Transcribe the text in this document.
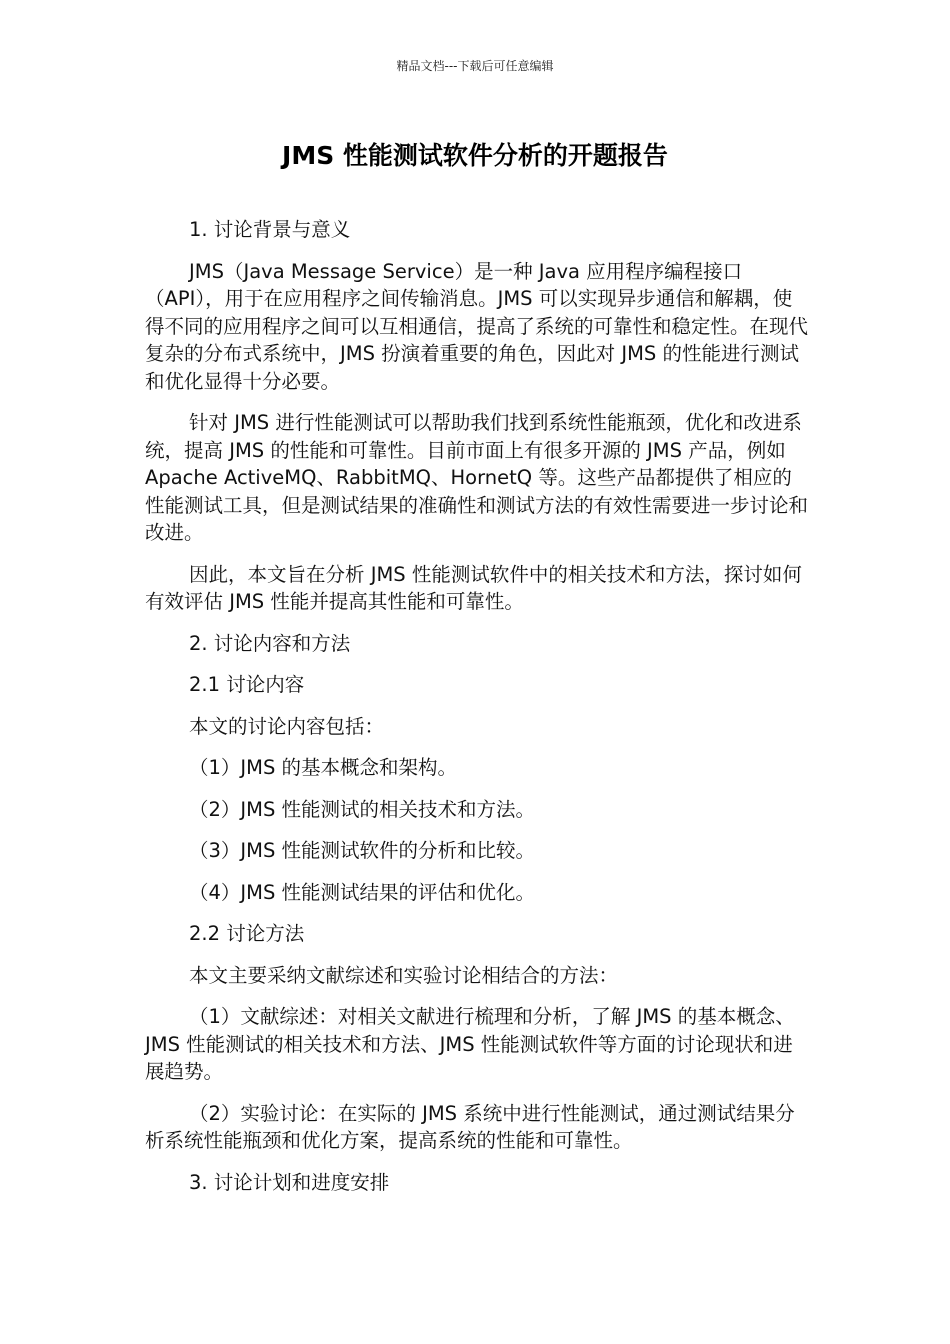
精品文档---下载后可任意编辑
JMS 性能测试软件分析的开题报告

1. 讨论背景与意义

JMS（Java Message Service）是一种 Java 应用程序编程接口（API），用于在应用程序之间传输消息。JMS 可以实现异步通信和解耦，使得不同的应用程序之间可以互相通信，提高了系统的可靠性和稳定性。在现代复杂的分布式系统中，JMS 扮演着重要的角色，因此对 JMS 的性能进行测试和优化显得十分必要。

针对 JMS 进行性能测试可以帮助我们找到系统性能瓶颈，优化和改进系统，提高 JMS 的性能和可靠性。目前市面上有很多开源的 JMS 产品，例如 Apache ActiveMQ、RabbitMQ、HornetQ 等。这些产品都提供了相应的性能测试工具，但是测试结果的准确性和测试方法的有效性需要进一步讨论和改进。

因此，本文旨在分析 JMS 性能测试软件中的相关技术和方法，探讨如何有效评估 JMS 性能并提高其性能和可靠性。

2. 讨论内容和方法

2.1 讨论内容

本文的讨论内容包括：

（1）JMS 的基本概念和架构。

（2）JMS 性能测试的相关技术和方法。

（3）JMS 性能测试软件的分析和比较。

（4）JMS 性能测试结果的评估和优化。

2.2 讨论方法

本文主要采纳文献综述和实验讨论相结合的方法：

（1）文献综述：对相关文献进行梳理和分析，了解 JMS 的基本概念、JMS 性能测试的相关技术和方法、JMS 性能测试软件等方面的讨论现状和进展趋势。

（2）实验讨论：在实际的 JMS 系统中进行性能测试，通过测试结果分析系统性能瓶颈和优化方案，提高系统的性能和可靠性。

3. 讨论计划和进度安排
